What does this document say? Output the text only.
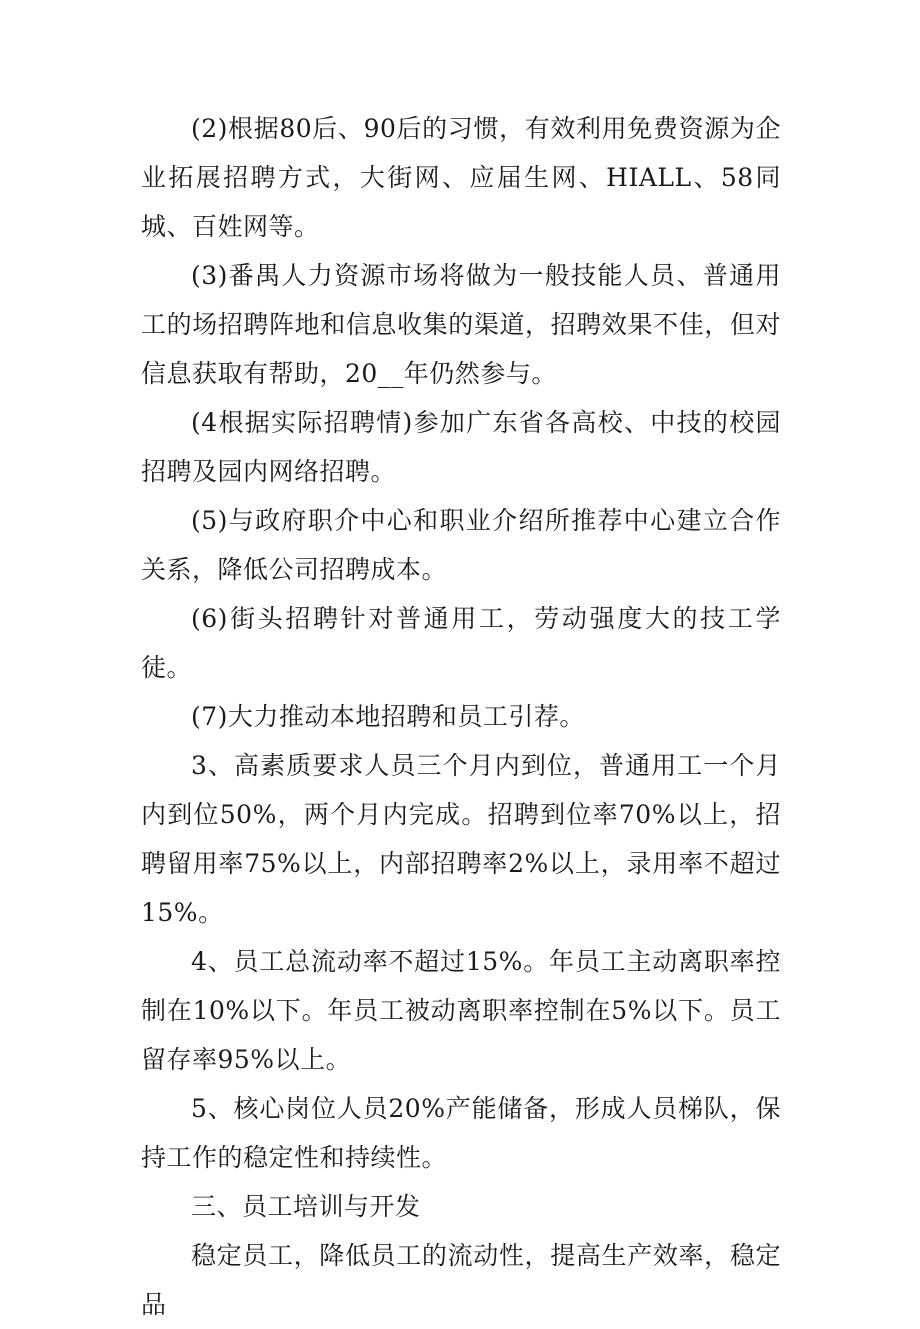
(2)根据80后、90后的习惯，有效利用免费资源为企业拓展招聘方式，大街网、应届生网、HIALL、58同城、百姓网等。

(3)番禺人力资源市场将做为一般技能人员、普通用工的场招聘阵地和信息收集的渠道，招聘效果不佳，但对信息获取有帮助，20__年仍然参与。

(4根据实际招聘情)参加广东省各高校、中技的校园招聘及园内网络招聘。

(5)与政府职介中心和职业介绍所推荐中心建立合作关系，降低公司招聘成本。

(6)街头招聘针对普通用工，劳动强度大的技工学徒。

(7)大力推动本地招聘和员工引荐。

3、高素质要求人员三个月内到位，普通用工一个月内到位50%，两个月内完成。招聘到位率70%以上，招聘留用率75%以上，内部招聘率2%以上，录用率不超过15%。

4、员工总流动率不超过15%。年员工主动离职率控制在10%以下。年员工被动离职率控制在5%以下。员工留存率95%以上。

5、核心岗位人员20%产能储备，形成人员梯队，保持工作的稳定性和持续性。

三、员工培训与开发

稳定员工，降低员工的流动性，提高生产效率，稳定品
